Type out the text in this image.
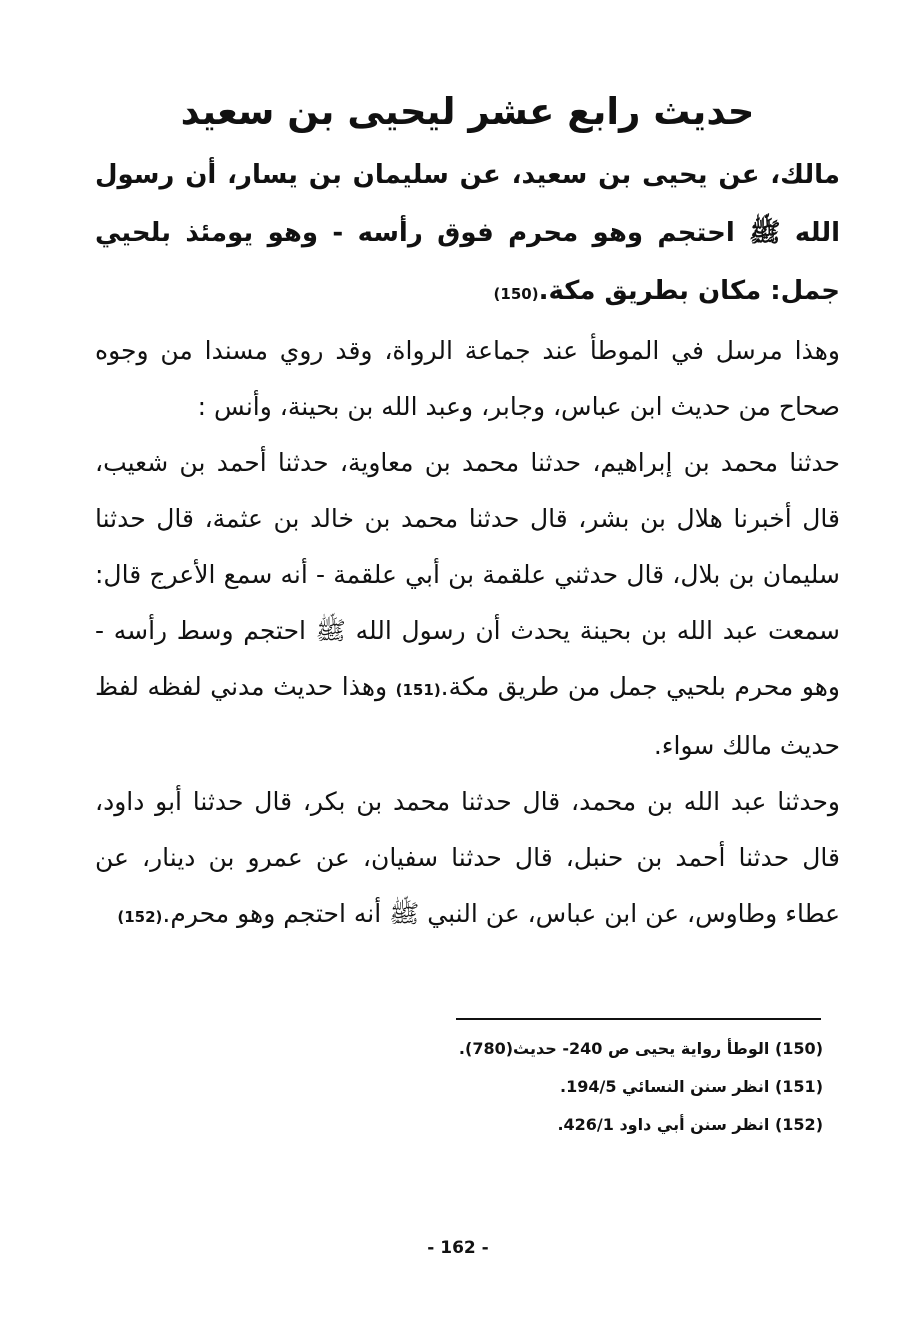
حديث رابع عشر ليحيى بن سعيد

مالك، عن يحيى بن سعيد، عن سليمان بن يسار، أن رسول الله ﷺ احتجم وهو محرم فوق رأسه - وهو يومئذ بلحيي جمل: مكان بطريق مكة.(150)

وهذا مرسل في الموطأ عند جماعة الرواة، وقد روي مسندا من وجوه صحاح من حديث ابن عباس، وجابر، وعبد الله بن بحينة، وأنس :

حدثنا محمد بن إبراهيم، حدثنا محمد بن معاوية، حدثنا أحمد بن شعيب، قال أخبرنا هلال بن بشر، قال حدثنا محمد بن خالد بن عثمة، قال حدثنا سليمان بن بلال، قال حدثني علقمة بن أبي علقمة - أنه سمع الأعرج قال: سمعت عبد الله بن بحينة يحدث أن رسول الله ﷺ احتجم وسط رأسه - وهو محرم بلحيي جمل من طريق مكة.(151) وهذا حديث مدني لفظه لفظ حديث مالك سواء.

وحدثنا عبد الله بن محمد، قال حدثنا محمد بن بكر، قال حدثنا أبو داود، قال حدثنا أحمد بن حنبل، قال حدثنا سفيان، عن عمرو بن دينار، عن عطاء وطاوس، عن ابن عباس، عن النبي ﷺ أنه احتجم وهو محرم.(152)

(150) الوطأ رواية يحيى ص 240- حديث(780).

(151) انظر سنن النسائي 194/5.

(152) انظر سنن أبي داود 426/1.

- 162 -
